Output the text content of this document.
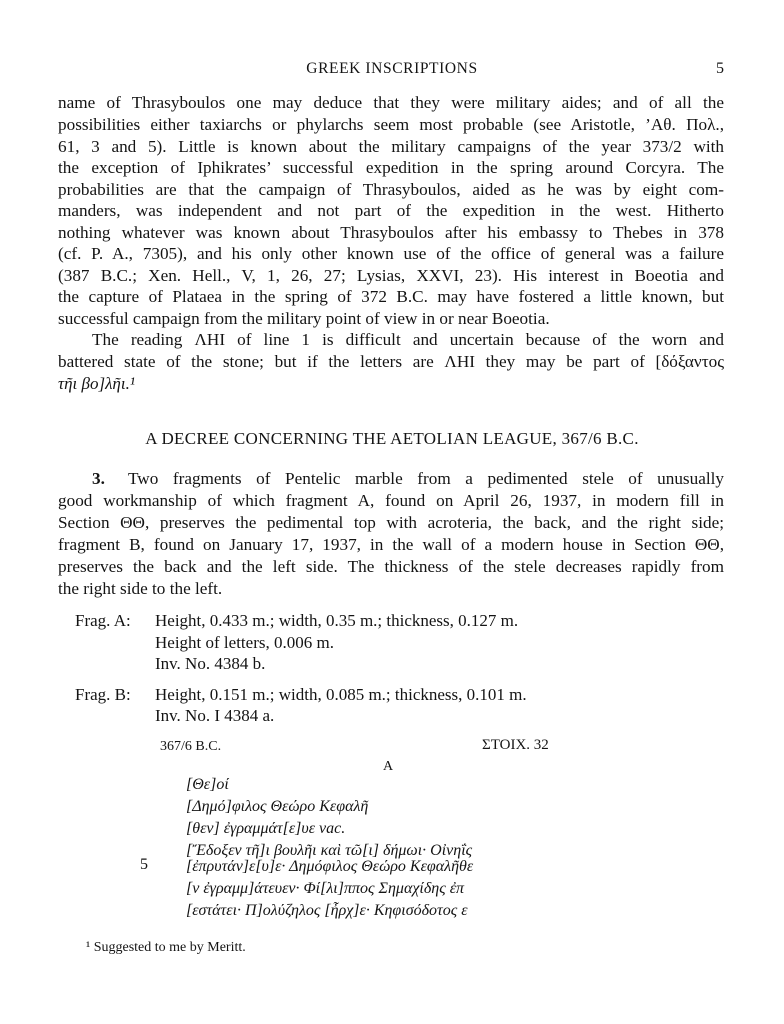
GREEK INSCRIPTIONS	5
name of Thrasyboulos one may deduce that they were military aides; and of all the
possibilities either taxiarchs or phylarchs seem most probable (see Aristotle, ’Αθ. Πολ.,
61, 3 and 5). Little is known about the military campaigns of the year 373/2 with
the exception of Iphikrates’ successful expedition in the spring around Corcyra. The
probabilities are that the campaign of Thrasyboulos, aided as he was by eight com-
manders, was independent and not part of the expedition in the west. Hitherto
nothing whatever was known about Thrasyboulos after his embassy to Thebes in 378
(cf. P. A., 7305), and his only other known use of the office of general was a failure
(387 B.C.; Xen. Hell., V, 1, 26, 27; Lysias, XXVI, 23). His interest in Boeotia and
the capture of Plataea in the spring of 372 B.C. may have fostered a little known, but
successful campaign from the military point of view in or near Boeotia.
The reading ΛΗΙ of line 1 is difficult and uncertain because of the worn and
battered state of the stone; but if the letters are ΛΗΙ they may be part of [δόξαντος
τῆι βο]λῆι.¹
A DECREE CONCERNING THE AETOLIAN LEAGUE, 367/6 B.C.
3. Two fragments of Pentelic marble from a pedimented stele of unusually
good workmanship of which fragment A, found on April 26, 1937, in modern fill in
Section ΘΘ, preserves the pedimental top with acroteria, the back, and the right side;
fragment B, found on January 17, 1937, in the wall of a modern house in Section ΘΘ,
preserves the back and the left side. The thickness of the stele decreases rapidly from
the right side to the left.
Frag. A: Height, 0.433 m.; width, 0.35 m.; thickness, 0.127 m.
Height of letters, 0.006 m.
Inv. No. 4384 b.
Frag. B: Height, 0.151 m.; width, 0.085 m.; thickness, 0.101 m.
Inv. No. I 4384 a.
367/6 B.C.	ΣΤΟΙΧ. 32
A
[Θε]οί
[Δημό]φιλος Θεώρο Κεφαλῆ
[θεν] ἐγραμμάτ[ε]υε vac.
[Ἔδοξεν τῆ]ι βουλῆι καὶ τῶ[ι] δήμωι· Οἰνηΐς
5 [ἐπρυτάν]ε[υ]ε· Δημόφιλος Θεώρο Κεφαλῆθε
[ν ἐγραμμ]άτευεν· Φί[λι]ππος Σημαχίδης ἐπ
[εστάτει· Π]ολύζηλος [ἦρχ]ε· Κηφισόδοτος ε
¹ Suggested to me by Meritt.
